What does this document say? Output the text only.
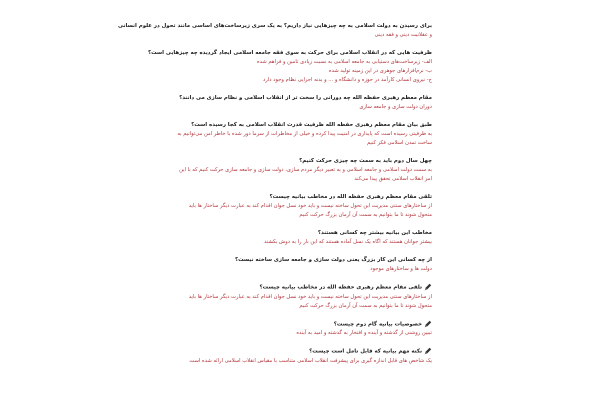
برای رسیدن به دولت اسلامی به چه چیزهایی نیاز داریم؟ به یک سری زیرساخت‌های اساسی مانند تحول در علوم انسانی
و عقلانیت دینی و فقه دینی
ظرفیت هایی که در انقلاب اسلامی برای حرکت به سوی فقه جامعه اسلامی ایجاد گردیده چه چیزهایی است؟
الف- زیرساخت‌های دستیابی به جامعه اسلامی به نسبت زیادی تامین و فراهم شده
ب- نرم‌افزارهای جوهری در این زمینه تولید شده
ج- نیروی انسانی کارآمد در حوزه و دانشگاه و ... و بدنه اجرایی نظام وجود دارد
مقام معظم رهبری حفظه الله چه دورانی را سخت تر از انقلاب اسلامی و نظام سازی می دانند؟
دوران دولت سازی و جامعه سازی
طبق بیان مقام معظم رهبری حفظه الله ظرفیت قدرت انقلاب اسلامی به کجا رسیده است؟
به ظرفیتی رسیده است که پایداری در امنیت پیدا کرده و خیلی از مخاطرات از سرما دور شده با خاطر امن می‌توانیم به
ساخت تمدن اسلامی فکر کنیم
چهل سال دوم باید به سمت چه چیزی حرکت کنیم؟
به سمت دولت اسلامی و جامعه اسلامی و به تعبیر دیگر مردم سازی، دولت سازی و جامعه سازی حرکت کنیم که با این
امر انقلاب اسلامی تحقق پیدا می‌کند
تلقی مقام معظم رهبری حفظه الله در مخاطب بیانیه چیست؟
از ساختارهای سنتی مدیریت این تحول ساخته نیست و باید خود نسل جوان اقدام کند به عبارت دیگر ساختار ها باید
متحول شوند تا ما بتوانیم به سمت آن آرمان بزرگ حرکت کنیم
مخاطب این بیانیه بیشتر چه کسانی هستند؟
بیشتر جوانان هستند که اگاه یک نسل آماده هستند که این بار را به دوش بکشند
از چه کسانی این کار بزرگ یعنی دولت سازی و جامعه سازی ساخته نیست؟
دولت ها و ساختارهای موجود
تلقی مقام معظم رهبری حفظه الله در مخاطب بیانیه چیست؟
از ساختارهای سنتی مدیریت این تحول ساخته نیست و باید خود نسل جوان اقدام کند به عبارت دیگر ساختار ها باید
متحول شوند تا ما بتوانیم به سمت آن آرمان بزرگ حرکت کنیم
خصوصیات بیانیه گام دوم چیست؟
تبیین روشنی از گذشته و آینده و افتخار به گذشته و امید به آینده
نکته مهم بیانیه که قابل تامل است چیست؟
یک شاخص های قابل اندازه گیری برای پیشرفت انقلاب اسلامی متناسب با مقیاس انقلاب اسلامی ارائه شده است
